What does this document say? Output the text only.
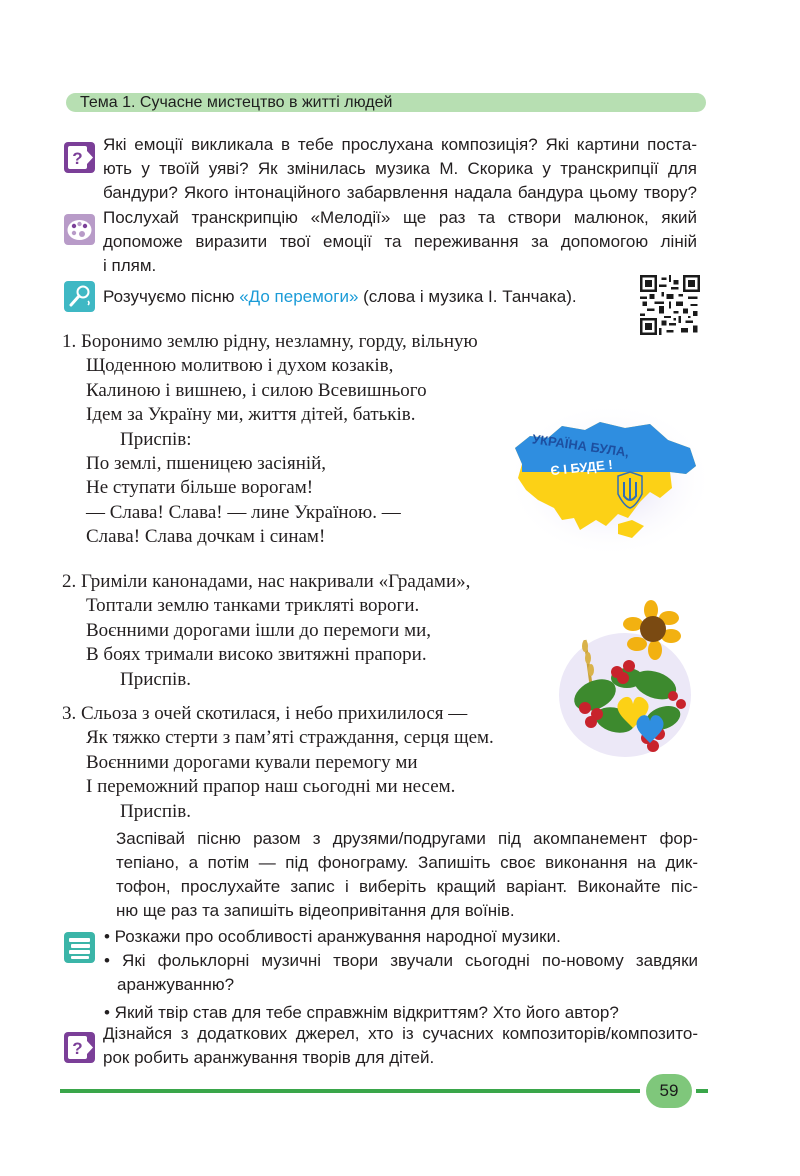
Тема 1. Сучасне мистецтво в житті людей
?
Які емоції викликала в тебе прослухана композиція? Які картини поста-
ють у твоїй уяві? Як змінилась музика М. Скорика у транскрипції для
бандури? Якого інтонаційного забарвлення надала бандура цьому твору?
Послухай транскрипцію «Мелодії» ще раз та створи малюнок, який
допоможе виразити твої емоції та переживання за допомогою ліній
і плям.
Розучуємо пісню «До перемоги» (слова і музика І. Танчака).
1. Боронимо землю рідну, незламну, горду, вільную
Щоденною молитвою і духом козаків,
Калиною і вишнею, і силою Всевишнього
Ідем за Україну ми, життя дітей, батьків.
Приспів:
По землі, пшеницею засіяній,
Не ступати більше ворогам!
— Слава! Слава! — лине Україною. —
Слава! Слава дочкам і синам!
УКРАЇНА БУЛА,
Є І БУДЕ !
2. Гриміли канонадами, нас накривали «Градами»,
Топтали землю танками трикляті вороги.
Воєнними дорогами ішли до перемоги ми,
В боях тримали високо звитяжні прапори.
Приспів.
3. Сльоза з очей скотилася, і небо прихилилося —
Як тяжко стерти з пам’яті страждання, серця щем.
Воєнними дорогами кували перемогу ми
І переможний прапор наш сьогодні ми несем.
Приспів.
Заспівай пісню разом з друзями/подругами під акомпанемент фор-
тепіано, а потім — під фонограму. Запишіть своє виконання на дик-
тофон, прослухайте запис і виберіть кращий варіант. Виконайте піс-
ню ще раз та запишіть відеопривітання для воїнів.
• Розкажи про особливості аранжування народної музики.
• Які фольклорні музичні твори звучали сьогодні по-новому завдяки
аранжуванню?
• Який твір став для тебе справжнім відкриттям? Хто його автор?
?
Дізнайся з додаткових джерел, хто із сучасних композиторів/композито-
рок робить аранжування творів для дітей.
59
